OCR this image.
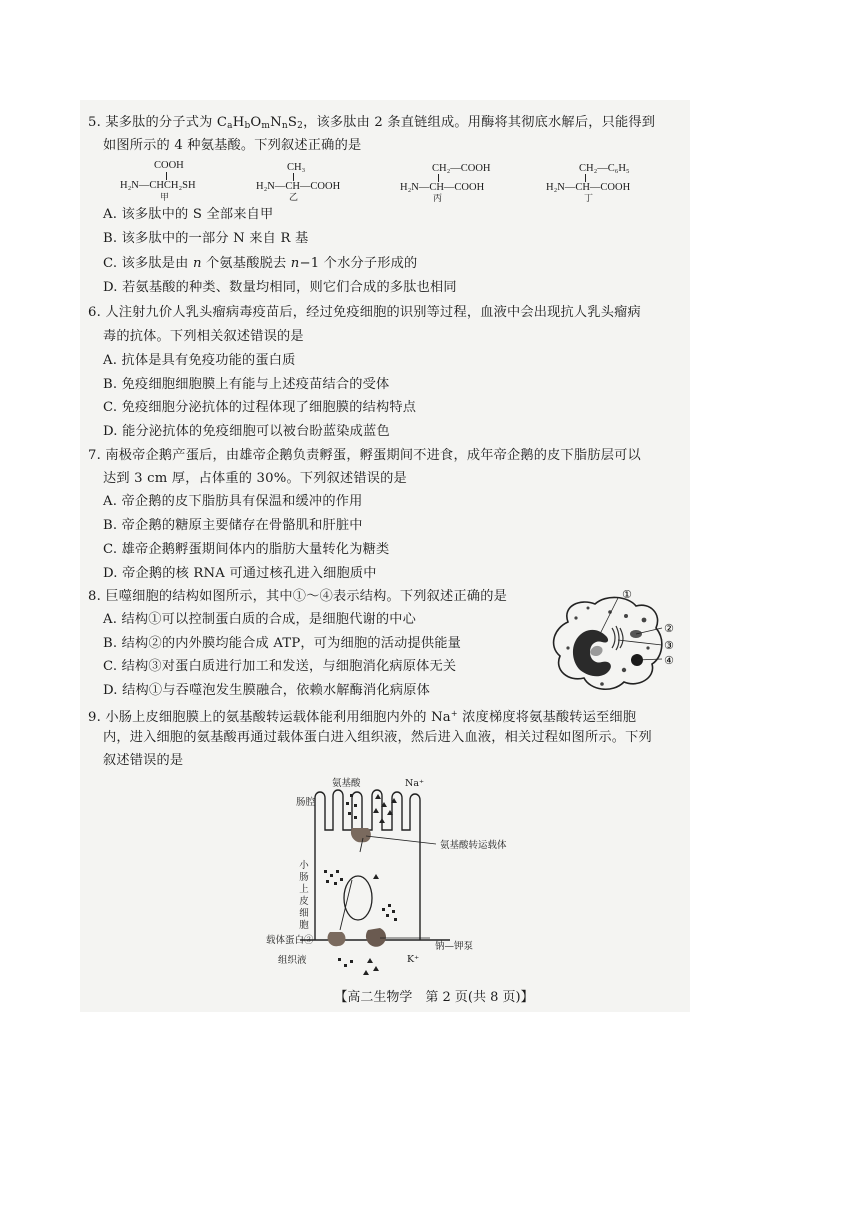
5. 某多肽的分子式为 CaHbOmNnS2，该多肽由 2 条直链组成。用酶将其彻底水解后，只能得到
如图所示的 4 种氨基酸。下列叙述正确的是
COOH
H₂N—CHCH₂SH
甲
CH₃
H₂N—CH—COOH
乙
CH₂—COOH
H₂N—CH—COOH
丙
CH₂—C₆H₅
H₂N—CH—COOH
丁
A. 该多肽中的 S 全部来自甲
B. 该多肽中的一部分 N 来自 R 基
C. 该多肽是由 n 个氨基酸脱去 n−1 个水分子形成的
D. 若氨基酸的种类、数量均相同，则它们合成的多肽也相同
6. 人注射九价人乳头瘤病毒疫苗后，经过免疫细胞的识别等过程，血液中会出现抗人乳头瘤病
毒的抗体。下列相关叙述错误的是
A. 抗体是具有免疫功能的蛋白质
B. 免疫细胞细胞膜上有能与上述疫苗结合的受体
C. 免疫细胞分泌抗体的过程体现了细胞膜的结构特点
D. 能分泌抗体的免疫细胞可以被台盼蓝染成蓝色
7. 南极帝企鹅产蛋后，由雄帝企鹅负责孵蛋，孵蛋期间不进食，成年帝企鹅的皮下脂肪层可以
达到 3 cm 厚，占体重的 30%。下列叙述错误的是
A. 帝企鹅的皮下脂肪具有保温和缓冲的作用
B. 帝企鹅的糖原主要储存在骨骼肌和肝脏中
C. 雄帝企鹅孵蛋期间体内的脂肪大量转化为糖类
D. 帝企鹅的核 RNA 可通过核孔进入细胞质中
8. 巨噬细胞的结构如图所示，其中①～④表示结构。下列叙述正确的是
A. 结构①可以控制蛋白质的合成，是细胞代谢的中心
B. 结构②的内外膜均能合成 ATP，可为细胞的活动提供能量
C. 结构③对蛋白质进行加工和发送，与细胞消化病原体无关
D. 结构①与吞噬泡发生膜融合，依赖水解酶消化病原体
①
②
③
④
9. 小肠上皮细胞膜上的氨基酸转运载体能利用细胞内外的 Na+ 浓度梯度将氨基酸转运至细胞
内，进入细胞的氨基酸再通过载体蛋白进入组织液，然后进入血液，相关过程如图所示。下列
叙述错误的是
氨基酸	Na⁺
肠腔
氨基酸转运载体
小肠上皮细胞
载体蛋白③
钠—钾泵
组织液	K⁺
【高二生物学　第 2 页(共 8 页)】
